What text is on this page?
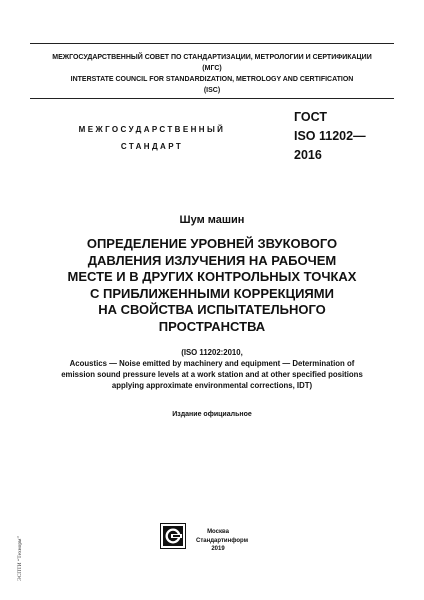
МЕЖГОСУДАРСТВЕННЫЙ СОВЕТ ПО СТАНДАРТИЗАЦИИ, МЕТРОЛОГИИ И СЕРТИФИКАЦИИ
(МГС)
INTERSTATE COUNCIL FOR STANDARDIZATION, METROLOGY AND CERTIFICATION
(ISC)
МЕЖГОСУДАРСТВЕННЫЙ
СТАНДАРТ
ГОСТ
ISO 11202—
2016
Шум машин
ОПРЕДЕЛЕНИЕ УРОВНЕЙ ЗВУКОВОГО
ДАВЛЕНИЯ ИЗЛУЧЕНИЯ НА РАБОЧЕМ
МЕСТЕ И В ДРУГИХ КОНТРОЛЬНЫХ ТОЧКАХ
С ПРИБЛИЖЕННЫМИ КОРРЕКЦИЯМИ
НА СВОЙСТВА ИСПЫТАТЕЛЬНОГО
ПРОСТРАНСТВА
(ISO 11202:2010,
Acoustics — Noise emitted by machinery and equipment — Determination of
emission sound pressure levels at a work station and at other specified positions
applying approximate environmental corrections, IDT)
Издание официальное
Москва
Стандартинформ
2019
ЭСПТИ “Технорм”
